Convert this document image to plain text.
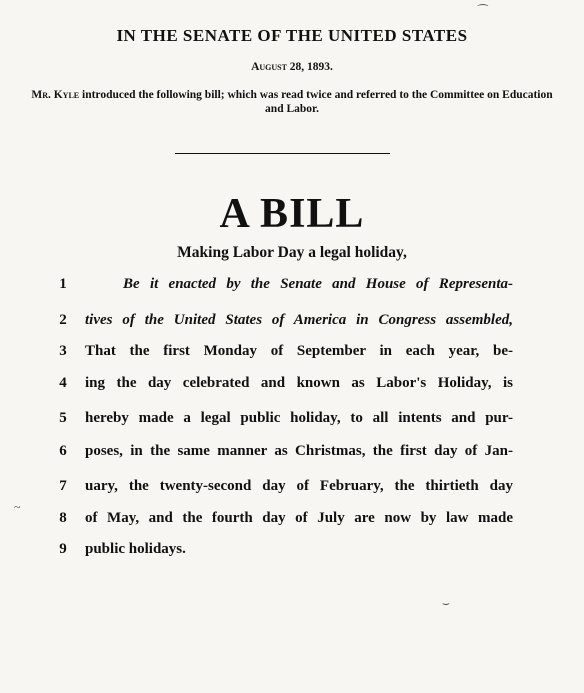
IN THE SENATE OF THE UNITED STATES
August 28, 1893.
Mr. Kyle introduced the following bill; which was read twice and referred to the Committee on Education and Labor.
A BILL
Making Labor Day a legal holiday,
1	Be it enacted by the Senate and House of Representa-
2 tives of the United States of America in Congress assembled,
3 That the first Monday of September in each year, be-
4 ing the day celebrated and known as Labor's Holiday, is
5 hereby made a legal public holiday, to all intents and pur-
6 poses, in the same manner as Christmas, the first day of Jan-
7 uary, the twenty-second day of February, the thirtieth day
8 of May, and the fourth day of July are now by law made
9 public holidays.
⁀
~
⌣
